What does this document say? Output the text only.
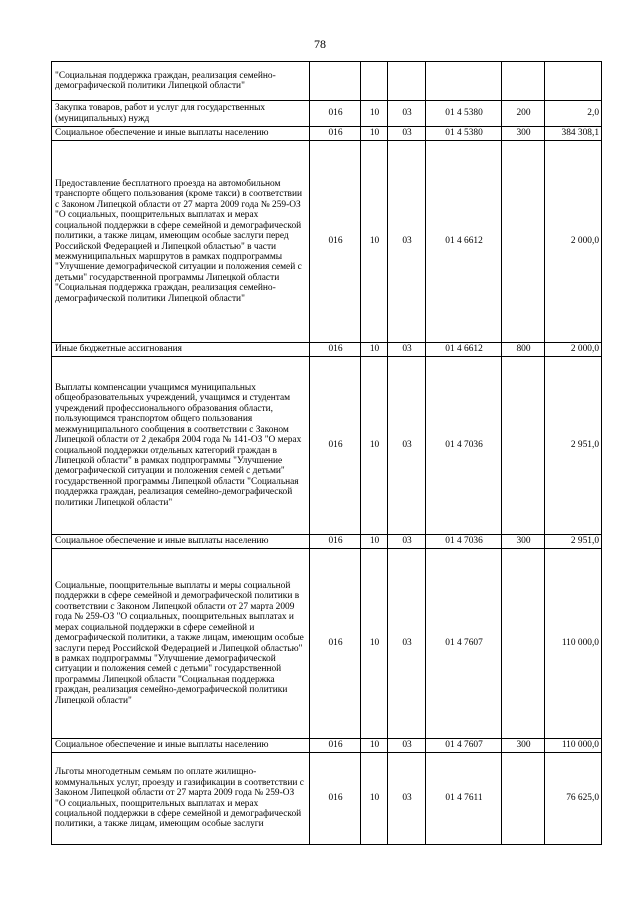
78
"Социальная поддержка граждан, реализация семейно-демографической политики Липецкой области"						
Закупка товаров, работ и услуг для государственных (муниципальных) нужд	016	10	03	01 4 5380	200	2,0
Социальное обеспечение и иные выплаты населению	016	10	03	01 4 5380	300	384 308,1
Предоставление бесплатного проезда на автомобильном транспорте общего пользования (кроме такси) в соответствии с Законом Липецкой области от 27 марта 2009 года № 259-ОЗ "О социальных, поощрительных выплатах и мерах социальной поддержки в сфере семейной и демографической политики, а также лицам, имеющим особые заслуги перед Российской Федерацией и Липецкой областью" в части межмуниципальных маршрутов в рамках подпрограммы "Улучшение демографической ситуации и положения семей с детьми" государственной программы Липецкой области "Социальная поддержка граждан, реализация семейно-демографической политики Липецкой области"	016	10	03	01 4 6612		2 000,0
Иные бюджетные ассигнования	016	10	03	01 4 6612	800	2 000,0
Выплаты компенсации учащимся муниципальных общеобразовательных учреждений, учащимся и студентам учреждений профессионального образования области, пользующимся транспортом общего пользования межмуниципального сообщения в соответствии с Законом Липецкой области от 2 декабря 2004 года № 141-ОЗ "О мерах социальной поддержки отдельных категорий граждан в Липецкой области" в рамках подпрограммы "Улучшение демографической ситуации и положения семей с детьми" государственной программы Липецкой области "Социальная поддержка граждан, реализация семейно-демографической политики Липецкой области"	016	10	03	01 4 7036		2 951,0
Социальное обеспечение и иные выплаты населению	016	10	03	01 4 7036	300	2 951,0
Социальные, поощрительные выплаты и меры социальной поддержки в сфере семейной и демографической политики в соответствии с Законом Липецкой области от 27 марта 2009 года № 259-ОЗ "О социальных, поощрительных выплатах и мерах социальной поддержки в сфере семейной и демографической политики, а также лицам, имеющим особые заслуги перед Российской Федерацией и Липецкой областью" в рамках подпрограммы "Улучшение демографической ситуации и положения семей с детьми" государственной программы Липецкой области "Социальная поддержка граждан, реализация семейно-демографической политики Липецкой области"	016	10	03	01 4 7607		110 000,0
Социальное обеспечение и иные выплаты населению	016	10	03	01 4 7607	300	110 000,0
Льготы многодетным семьям по оплате жилищно-коммунальных услуг, проезду и газификации в соответствии с Законом Липецкой области от 27 марта 2009 года № 259-ОЗ "О социальных, поощрительных выплатах и мерах социальной поддержки в сфере семейной и демографической политики, а также лицам, имеющим особые заслуги	016	10	03	01 4 7611		76 625,0
